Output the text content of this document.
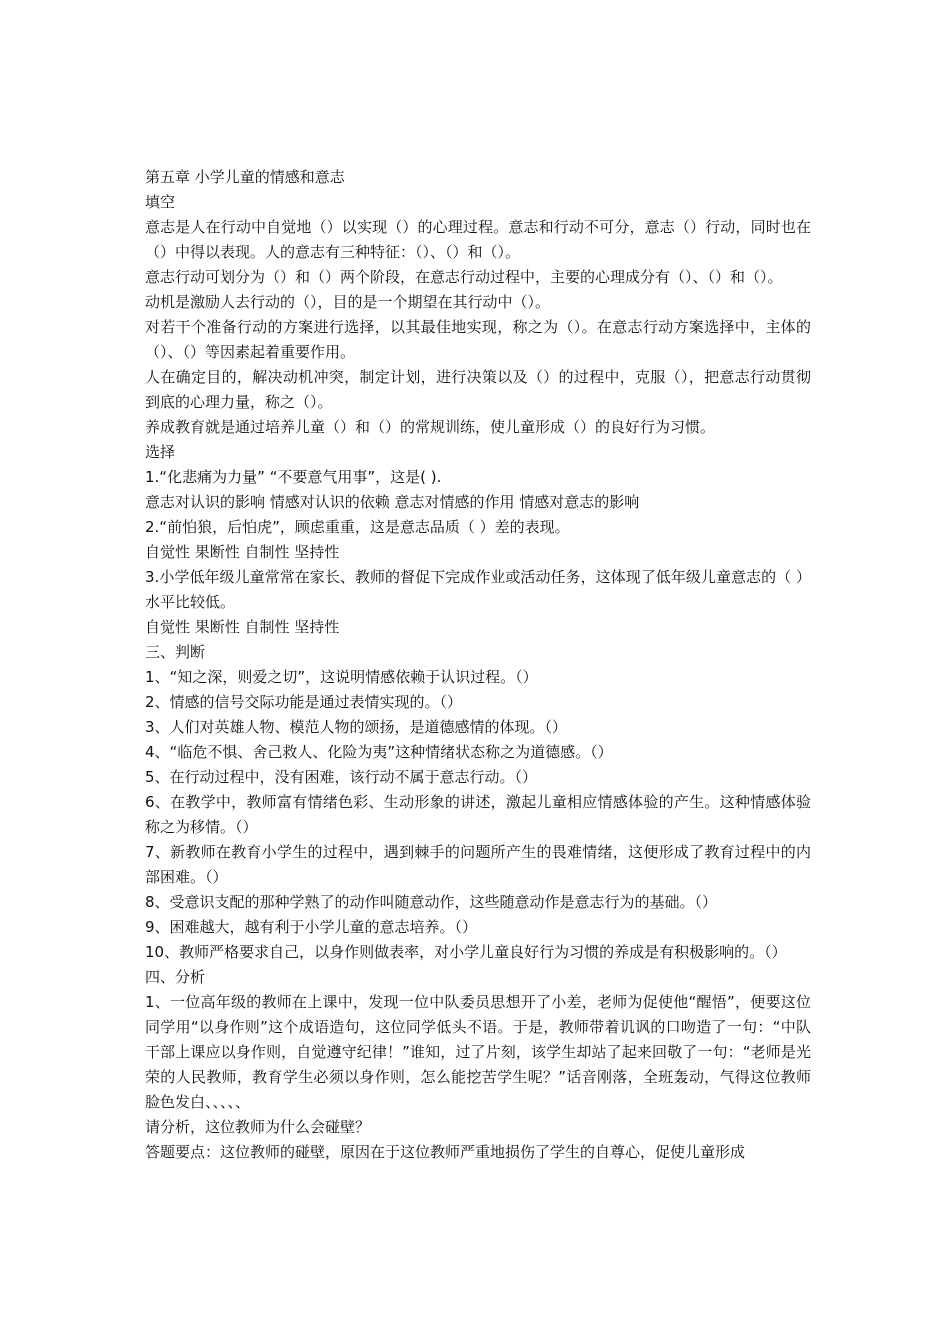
第五章 小学儿童的情感和意志
填空
意志是人在行动中自觉地（）以实现（）的心理过程。意志和行动不可分，意志（）行动，同时也在（）中得以表现。人的意志有三种特征：（）、（）和（）。
意志行动可划分为（）和（）两个阶段，在意志行动过程中，主要的心理成分有（）、（）和（）。
动机是激励人去行动的（），目的是一个期望在其行动中（）。
对若干个准备行动的方案进行选择，以其最佳地实现，称之为（）。在意志行动方案选择中，主体的（）、（）等因素起着重要作用。
人在确定目的，解决动机冲突，制定计划，进行决策以及（）的过程中，克服（），把意志行动贯彻到底的心理力量，称之（）。
养成教育就是通过培养儿童（）和（）的常规训练，使儿童形成（）的良好行为习惯。
选择
1.“化悲痛为力量” “不要意气用事”，这是( ).
意志对认识的影响 情感对认识的依赖 意志对情感的作用 情感对意志的影响
2.“前怕狼，后怕虎”，顾虑重重，这是意志品质（ ）差的表现。
自觉性 果断性 自制性 坚持性
3.小学低年级儿童常常在家长、教师的督促下完成作业或活动任务，这体现了低年级儿童意志的（ ）水平比较低。
自觉性 果断性 自制性 坚持性
三、判断
1、“知之深，则爱之切”，这说明情感依赖于认识过程。（）
2、情感的信号交际功能是通过表情实现的。（）
3、人们对英雄人物、模范人物的颂扬，是道德感情的体现。（）
4、“临危不惧、舍己救人、化险为夷”这种情绪状态称之为道德感。（）
5、在行动过程中，没有困难，该行动不属于意志行动。（）
6、在教学中，教师富有情绪色彩、生动形象的讲述，激起儿童相应情感体验的产生。这种情感体验称之为移情。（）
7、新教师在教育小学生的过程中，遇到棘手的问题所产生的畏难情绪，这便形成了教育过程中的内部困难。（）
8、受意识支配的那种学熟了的动作叫随意动作，这些随意动作是意志行为的基础。（）
9、困难越大，越有利于小学儿童的意志培养。（）
10、教师严格要求自己，以身作则做表率，对小学儿童良好行为习惯的养成是有积极影响的。（）
四、分析
1、一位高年级的教师在上课中，发现一位中队委员思想开了小差，老师为促使他“醒悟”，便要这位同学用“以身作则”这个成语造句，这位同学低头不语。于是，教师带着讥讽的口吻造了一句：“中队干部上课应以身作则，自觉遵守纪律！”谁知，过了片刻，该学生却站了起来回敬了一句：“老师是光荣的人民教师，教育学生必须以身作则，怎么能挖苦学生呢？”话音刚落，全班轰动，气得这位教师脸色发白、、、、、
请分析，这位教师为什么会碰壁？
答题要点：这位教师的碰壁，原因在于这位教师严重地损伤了学生的自尊心，促使儿童形成
